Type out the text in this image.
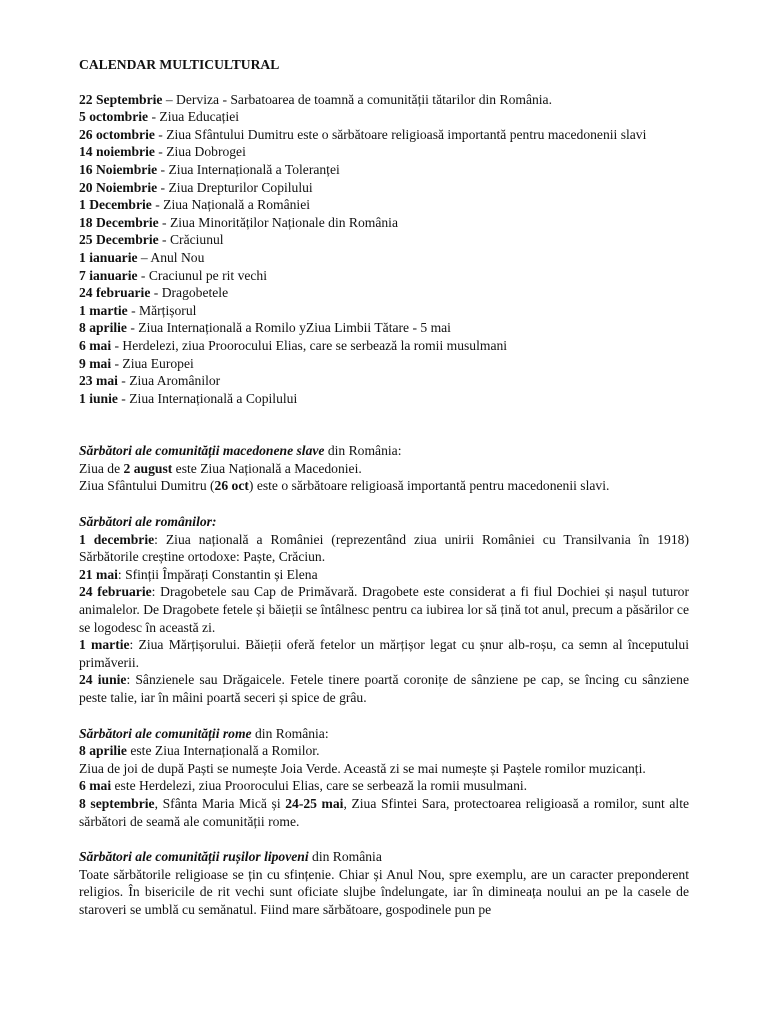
CALENDAR MULTICULTURAL
22 Septembrie – Derviza - Sarbatoarea de toamnă a comunității tătarilor din România.
5 octombrie - Ziua Educației
26 octombrie - Ziua Sfântului Dumitru este o sărbătoare religioasă importantă pentru macedonenii slavi
14 noiembrie - Ziua Dobrogei
16 Noiembrie - Ziua Internațională a Toleranței
20 Noiembrie - Ziua Drepturilor Copilului
1 Decembrie - Ziua Națională a României
18 Decembrie - Ziua Minorităților Naționale din România
25 Decembrie - Crăciunul
1 ianuarie – Anul Nou
7 ianuarie - Craciunul pe rit vechi
24 februarie - Dragobetele
1 martie - Mărțișorul
8 aprilie - Ziua Internațională a Romilo yZiua Limbii Tătare - 5 mai
6 mai - Herdelezi, ziua Proorocului Elias, care se serbează la romii musulmani
9 mai - Ziua Europei
23 mai - Ziua Aromânilor
1 iunie - Ziua Internațională a Copilului
Sărbători ale comunității macedonene slave din România:
Ziua de 2 august este Ziua Națională a Macedoniei.
Ziua Sfântului Dumitru (26 oct) este o sărbătoare religioasă importantă pentru macedonenii slavi.
Sărbători ale românilor:
1 decembrie: Ziua națională a României (reprezentând ziua unirii României cu Transilvania în 1918) Sărbătorile creștine ortodoxe: Paște, Crăciun.
21 mai: Sfinții Împărați Constantin și Elena
24 februarie: Dragobetele sau Cap de Primăvară. Dragobete este considerat a fi fiul Dochiei și nașul tuturor animalelor. De Dragobete fetele și băieții se întâlnesc pentru ca iubirea lor să țină tot anul, precum a păsărilor ce se logodesc în această zi.
1 martie: Ziua Mărțișorului. Băieții oferă fetelor un mărțișor legat cu șnur alb-roșu, ca semn al începutului primăverii.
24 iunie: Sânzienele sau Drăgaicele. Fetele tinere poartă coronițe de sânziene pe cap, se încing cu sânziene peste talie, iar în mâini poartă seceri și spice de grâu.
Sărbători ale comunității rome din România:
8 aprilie este Ziua Internațională a Romilor.
Ziua de joi de după Paști se numește Joia Verde. Această zi se mai numește și Paștele romilor muzicanți.
6 mai este Herdelezi, ziua Proorocului Elias, care se serbează la romii musulmani.
8 septembrie, Sfânta Maria Mică și 24-25 mai, Ziua Sfintei Sara, protectoarea religioasă a romilor, sunt alte sărbători de seamă ale comunității rome.
Sărbători ale comunității rușilor lipoveni din România
Toate sărbătorile religioase se țin cu sfințenie. Chiar și Anul Nou, spre exemplu, are un caracter preponderent religios. În bisericile de rit vechi sunt oficiate slujbe îndelungate, iar în dimineața noului an pe la casele de staroveri se umblă cu semănatul. Fiind mare sărbătoare, gospodinele pun pe
